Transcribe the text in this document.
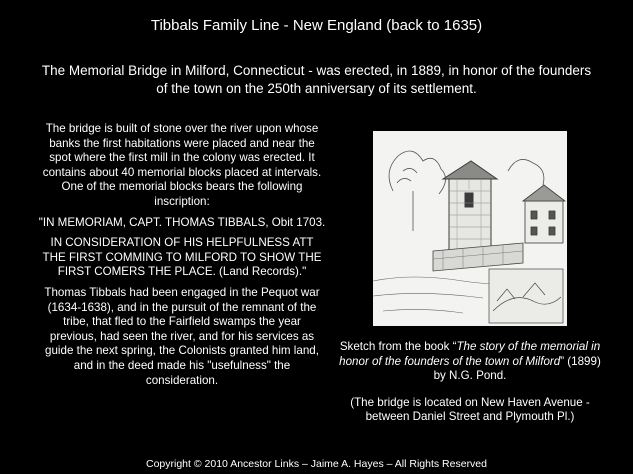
Tibbals Family Line - New England (back to 1635)
The Memorial Bridge in Milford, Connecticut - was erected, in 1889, in honor of the founders of the town on the 250th anniversary of its settlement.

The bridge is built of stone over the river upon whose banks the first habitations were placed and near the spot where the first mill in the colony was erected. It contains about 40 memorial blocks placed at intervals. One of the memorial blocks bears the following inscription:

"IN MEMORIAM, CAPT. THOMAS TIBBALS, Obit 1703.

IN CONSIDERATION OF HIS HELPFULNESS ATT THE FIRST COMMING TO MILFORD TO SHOW THE FIRST COMERS THE PLACE. (Land Records)."

Thomas Tibbals had been engaged in the Pequot war (1634-1638), and in the pursuit of the remnant of the tribe, that fled to the Fairfield swamps the year previous, had seen the river, and for his services as guide the next spring, the Colonists granted him land, and in the deed made his "usefulness" the consideration.

Sketch from the book “The story of the memorial in honor of the founders of the town of Milford” (1899) by N.G. Pond.

(The bridge is located on New Haven Avenue - between Daniel Street and Plymouth Pl.)

Copyright © 2010 Ancestor Links – Jaime A. Hayes – All Rights Reserved
